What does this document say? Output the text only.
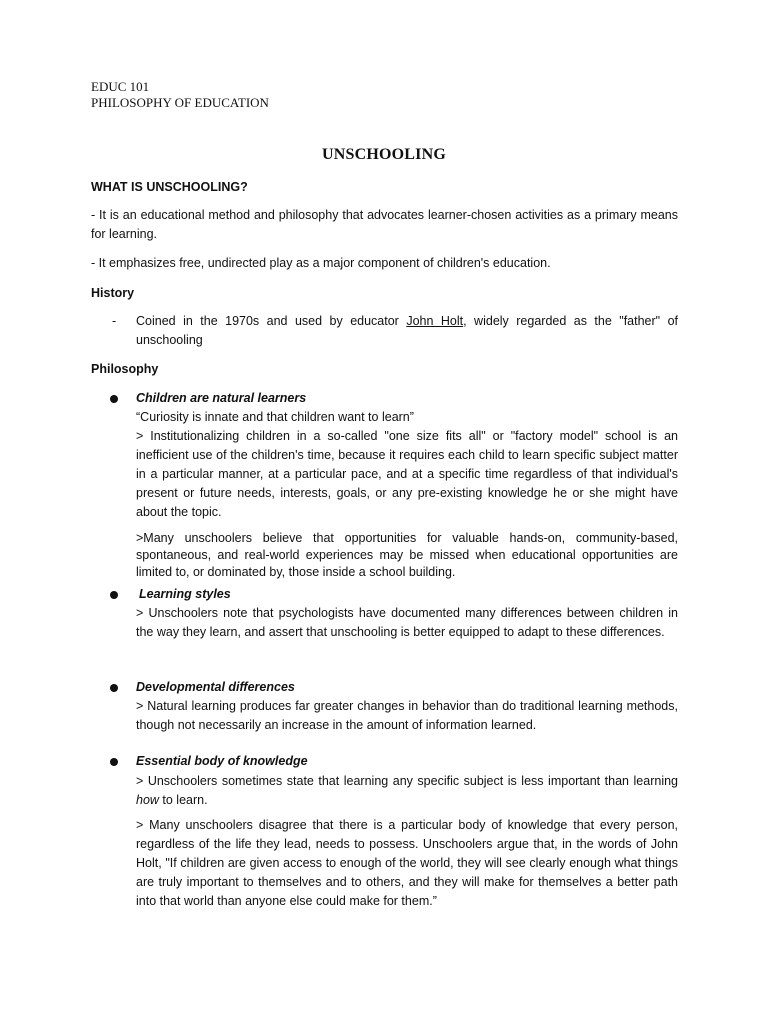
EDUC 101
PHILOSOPHY OF EDUCATION
UNSCHOOLING
WHAT IS UNSCHOOLING?
- It is an educational method and philosophy that advocates learner-chosen activities as a primary means for learning.
- It emphasizes free, undirected play as a major component of children's education.
History
- Coined in the 1970s and used by educator John Holt, widely regarded as the "father" of unschooling
Philosophy
Children are natural learners
“Curiosity is innate and that children want to learn”
> Institutionalizing children in a so-called "one size fits all" or "factory model" school is an inefficient use of the children's time, because it requires each child to learn specific subject matter in a particular manner, at a particular pace, and at a specific time regardless of that individual's present or future needs, interests, goals, or any pre-existing knowledge he or she might have about the topic.
>Many unschoolers believe that opportunities for valuable hands-on, community-based, spontaneous, and real-world experiences may be missed when educational opportunities are limited to, or dominated by, those inside a school building.
Learning styles
> Unschoolers note that psychologists have documented many differences between children in the way they learn, and assert that unschooling is better equipped to adapt to these differences.
Developmental differences
> Natural learning produces far greater changes in behavior than do traditional learning methods, though not necessarily an increase in the amount of information learned.
Essential body of knowledge
> Unschoolers sometimes state that learning any specific subject is less important than learning how to learn.
> Many unschoolers disagree that there is a particular body of knowledge that every person, regardless of the life they lead, needs to possess. Unschoolers argue that, in the words of John Holt, "If children are given access to enough of the world, they will see clearly enough what things are truly important to themselves and to others, and they will make for themselves a better path into that world than anyone else could make for them.”
